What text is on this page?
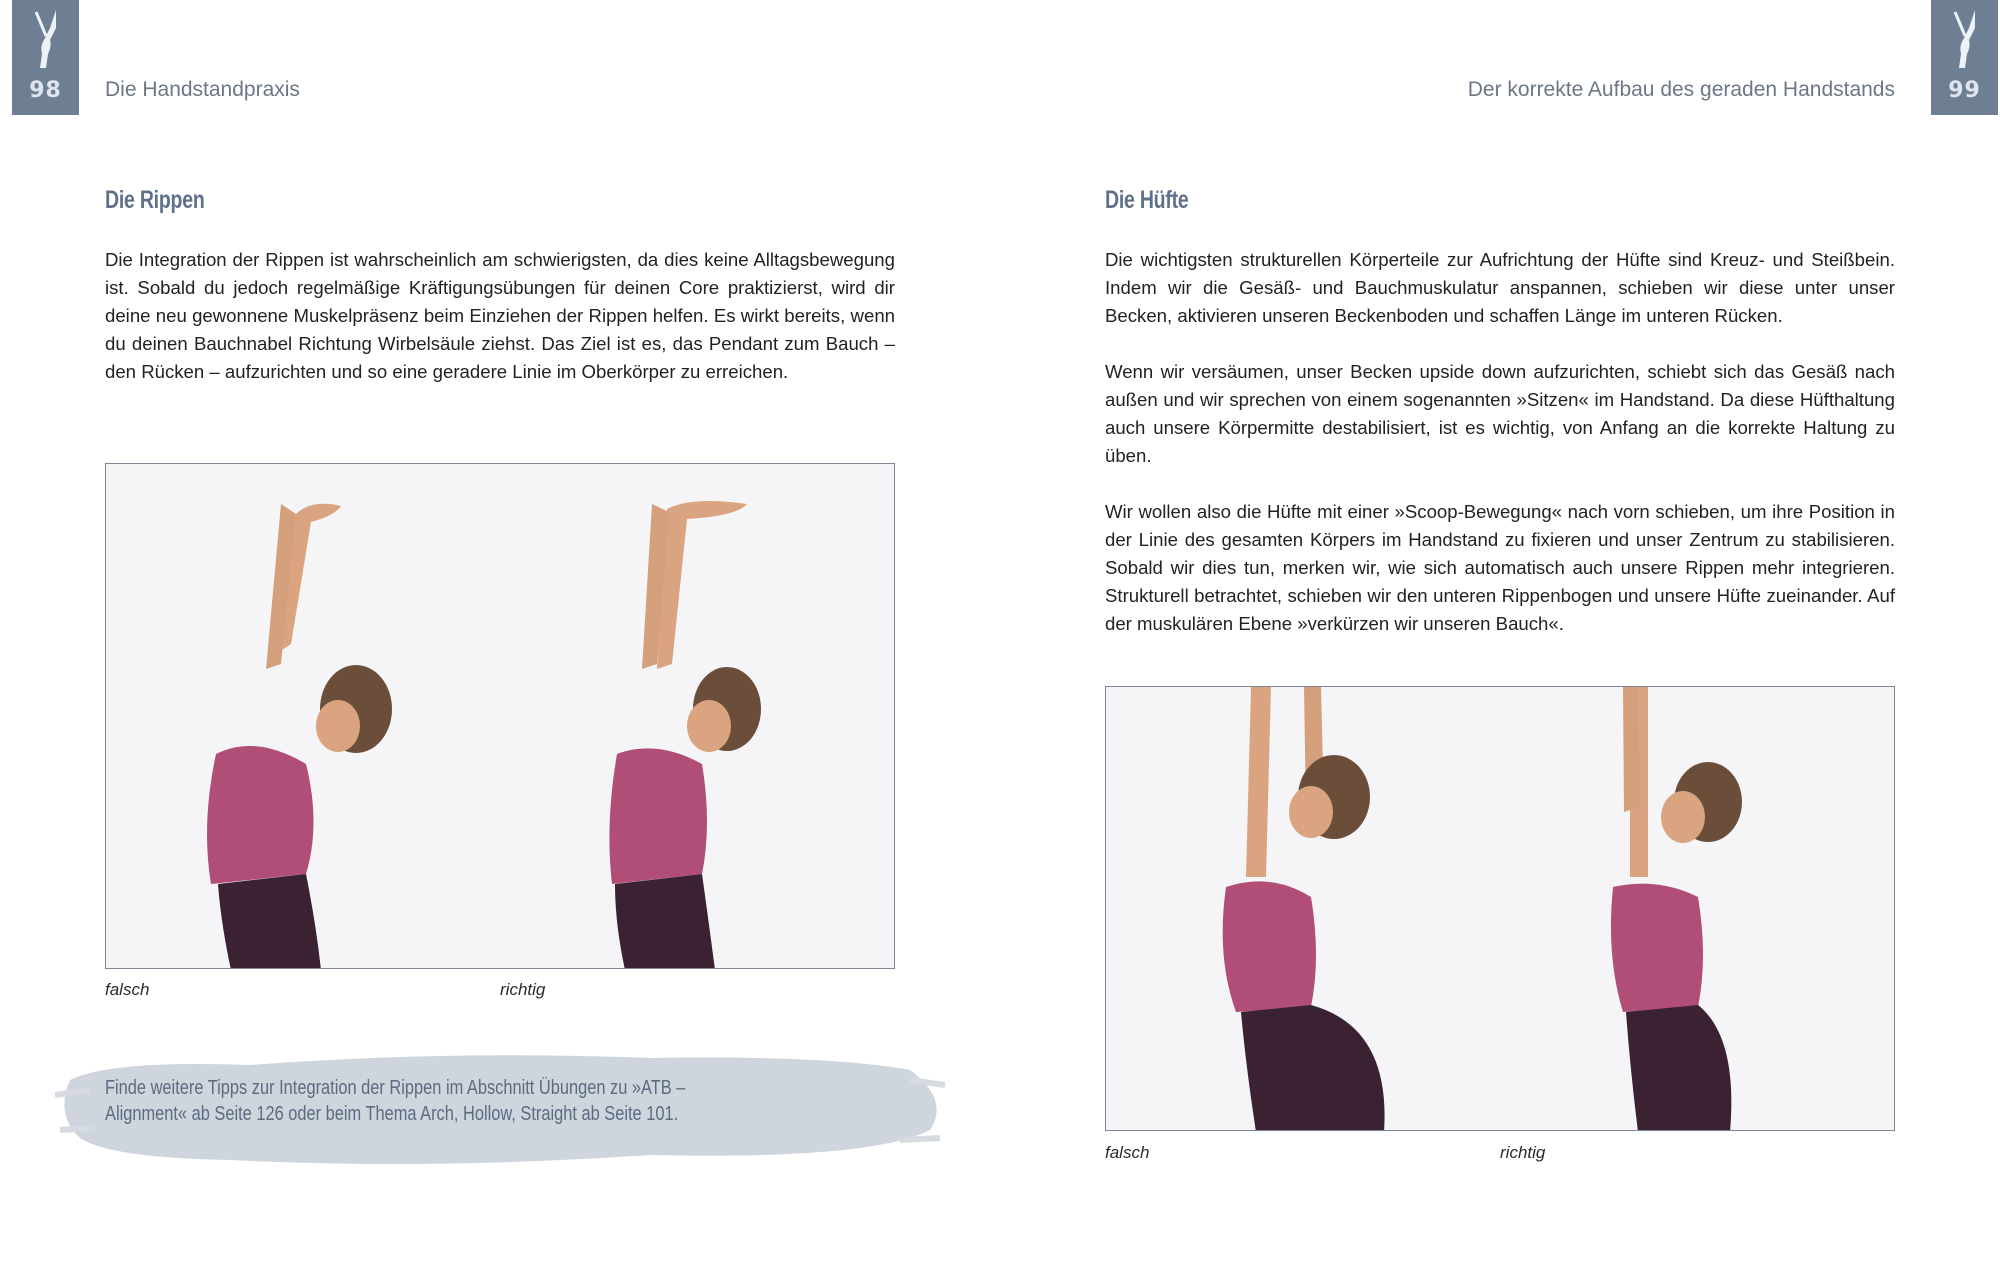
98	99
Die Handstandpraxis	Der korrekte Aufbau des geraden Handstands
Die Rippen

Die Integration der Rippen ist wahrscheinlich am schwierigsten, da dies keine Alltagsbewegung ist. Sobald du jedoch regelmäßige Kräftigungsübungen für deinen Core praktizierst, wird dir deine neu gewonnene Muskelpräsenz beim Einziehen der Rippen helfen. Es wirkt bereits, wenn du deinen Bauchnabel Richtung Wirbelsäule ziehst. Das Ziel ist es, das Pendant zum Bauch – den Rücken – aufzurichten und so eine geradere Linie im Oberkörper zu erreichen.

falsch	richtig
Finde weitere Tipps zur Integration der Rippen im Abschnitt Übungen zu »ATB – Alignment« ab Seite 126 oder beim Thema Arch, Hollow, Straight ab Seite 101.
Die Hüfte

Die wichtigsten strukturellen Körperteile zur Aufrichtung der Hüfte sind Kreuz- und Steißbein. Indem wir die Gesäß- und Bauchmuskulatur anspannen, schieben wir diese unter unser Becken, aktivieren unseren Beckenboden und schaffen Länge im unteren Rücken.

Wenn wir versäumen, unser Becken upside down aufzurichten, schiebt sich das Gesäß nach außen und wir sprechen von einem sogenannten »Sitzen« im Handstand. Da diese Hüfthaltung auch unsere Körpermitte destabilisiert, ist es wichtig, von Anfang an die korrekte Haltung zu üben.

Wir wollen also die Hüfte mit einer »Scoop-Bewegung« nach vorn schieben, um ihre Position in der Linie des gesamten Körpers im Handstand zu fixieren und unser Zentrum zu stabilisieren. Sobald wir dies tun, merken wir, wie sich automatisch auch unsere Rippen mehr integrieren. Strukturell betrachtet, schieben wir den unteren Rippenbogen und unsere Hüfte zueinander. Auf der muskulären Ebene »verkürzen wir unseren Bauch«.

falsch	richtig
